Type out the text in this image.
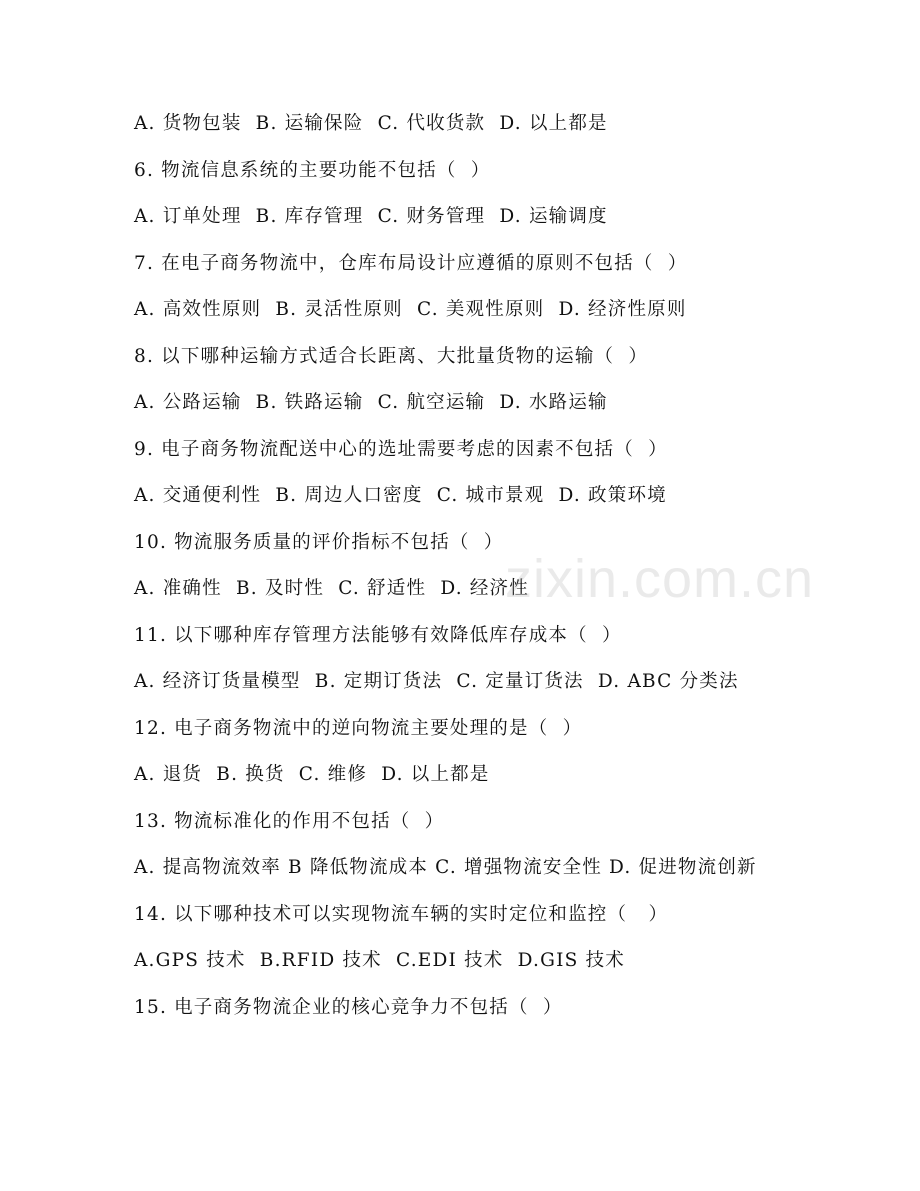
A. 货物包装  B. 运输保险  C. 代收货款  D. 以上都是
6. 物流信息系统的主要功能不包括（  ）
A. 订单处理  B. 库存管理  C. 财务管理  D. 运输调度
7. 在电子商务物流中，仓库布局设计应遵循的原则不包括（  ）
A. 高效性原则  B. 灵活性原则  C. 美观性原则  D. 经济性原则
8. 以下哪种运输方式适合长距离、大批量货物的运输（  ）
A. 公路运输  B. 铁路运输  C. 航空运输  D. 水路运输
9. 电子商务物流配送中心的选址需要考虑的因素不包括（  ）
A. 交通便利性  B. 周边人口密度  C. 城市景观  D. 政策环境
10. 物流服务质量的评价指标不包括（  ）
A. 准确性  B. 及时性  C. 舒适性  D. 经济性
11. 以下哪种库存管理方法能够有效降低库存成本（  ）
A. 经济订货量模型  B. 定期订货法  C. 定量订货法  D. ABC 分类法
12. 电子商务物流中的逆向物流主要处理的是（  ）
A. 退货  B. 换货  C. 维修  D. 以上都是
13. 物流标准化的作用不包括（  ）
A. 提高物流效率 B 降低物流成本 C. 增强物流安全性 D. 促进物流创新
14. 以下哪种技术可以实现物流车辆的实时定位和监控（   ）
A.GPS 技术  B.RFID 技术  C.EDI 技术  D.GIS 技术
15. 电子商务物流企业的核心竞争力不包括（  ）
zixin.com.cn
